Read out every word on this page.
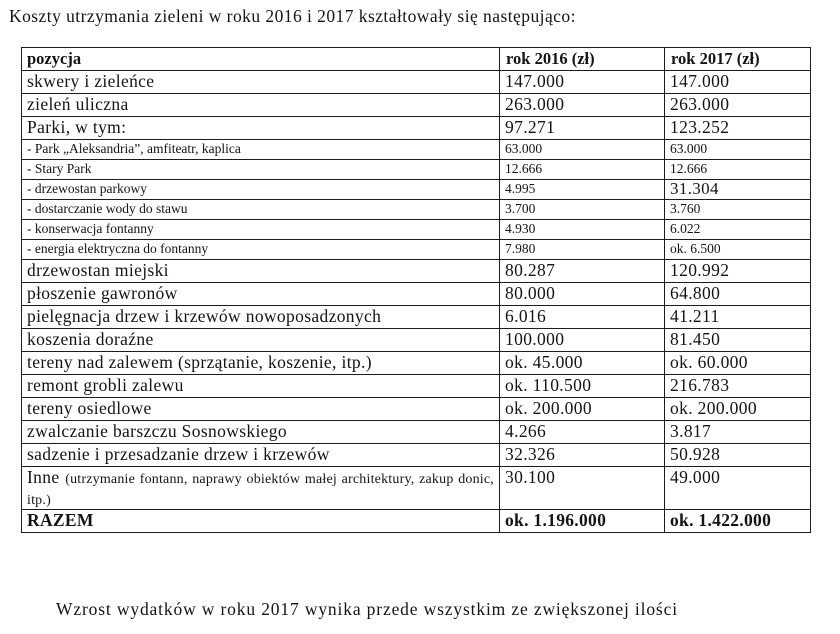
Koszty utrzymania zieleni w roku 2016 i 2017 kształtowały się następująco:
pozycja	rok 2016 (zł)	rok 2017 (zł)
skwery i zieleńce	147.000	147.000
zieleń uliczna	263.000	263.000
Parki, w tym:	97.271	123.252
- Park „Aleksandria”, amfiteatr, kaplica	63.000	63.000
- Stary Park	12.666	12.666
- drzewostan parkowy	4.995	31.304
- dostarczanie wody do stawu	3.700	3.760
- konserwacja fontanny	4.930	6.022
- energia elektryczna do fontanny	7.980	ok. 6.500
drzewostan miejski	80.287	120.992
płoszenie gawronów	80.000	64.800
pielęgnacja drzew i krzewów nowoposadzonych	6.016	41.211
koszenia doraźne	100.000	81.450
tereny nad zalewem (sprzątanie, koszenie, itp.)	ok. 45.000	ok. 60.000
remont grobli zalewu	ok. 110.500	216.783
tereny osiedlowe	ok. 200.000	ok. 200.000
zwalczanie barszczu Sosnowskiego	4.266	3.817
sadzenie i przesadzanie drzew i krzewów	32.326	50.928
Inne (utrzymanie fontann, naprawy obiektów małej architektury, zakup donic, itp.)	30.100	49.000
RAZEM	ok. 1.196.000	ok. 1.422.000
Wzrost wydatków w roku 2017 wynika przede wszystkim ze zwiększonej ilości
